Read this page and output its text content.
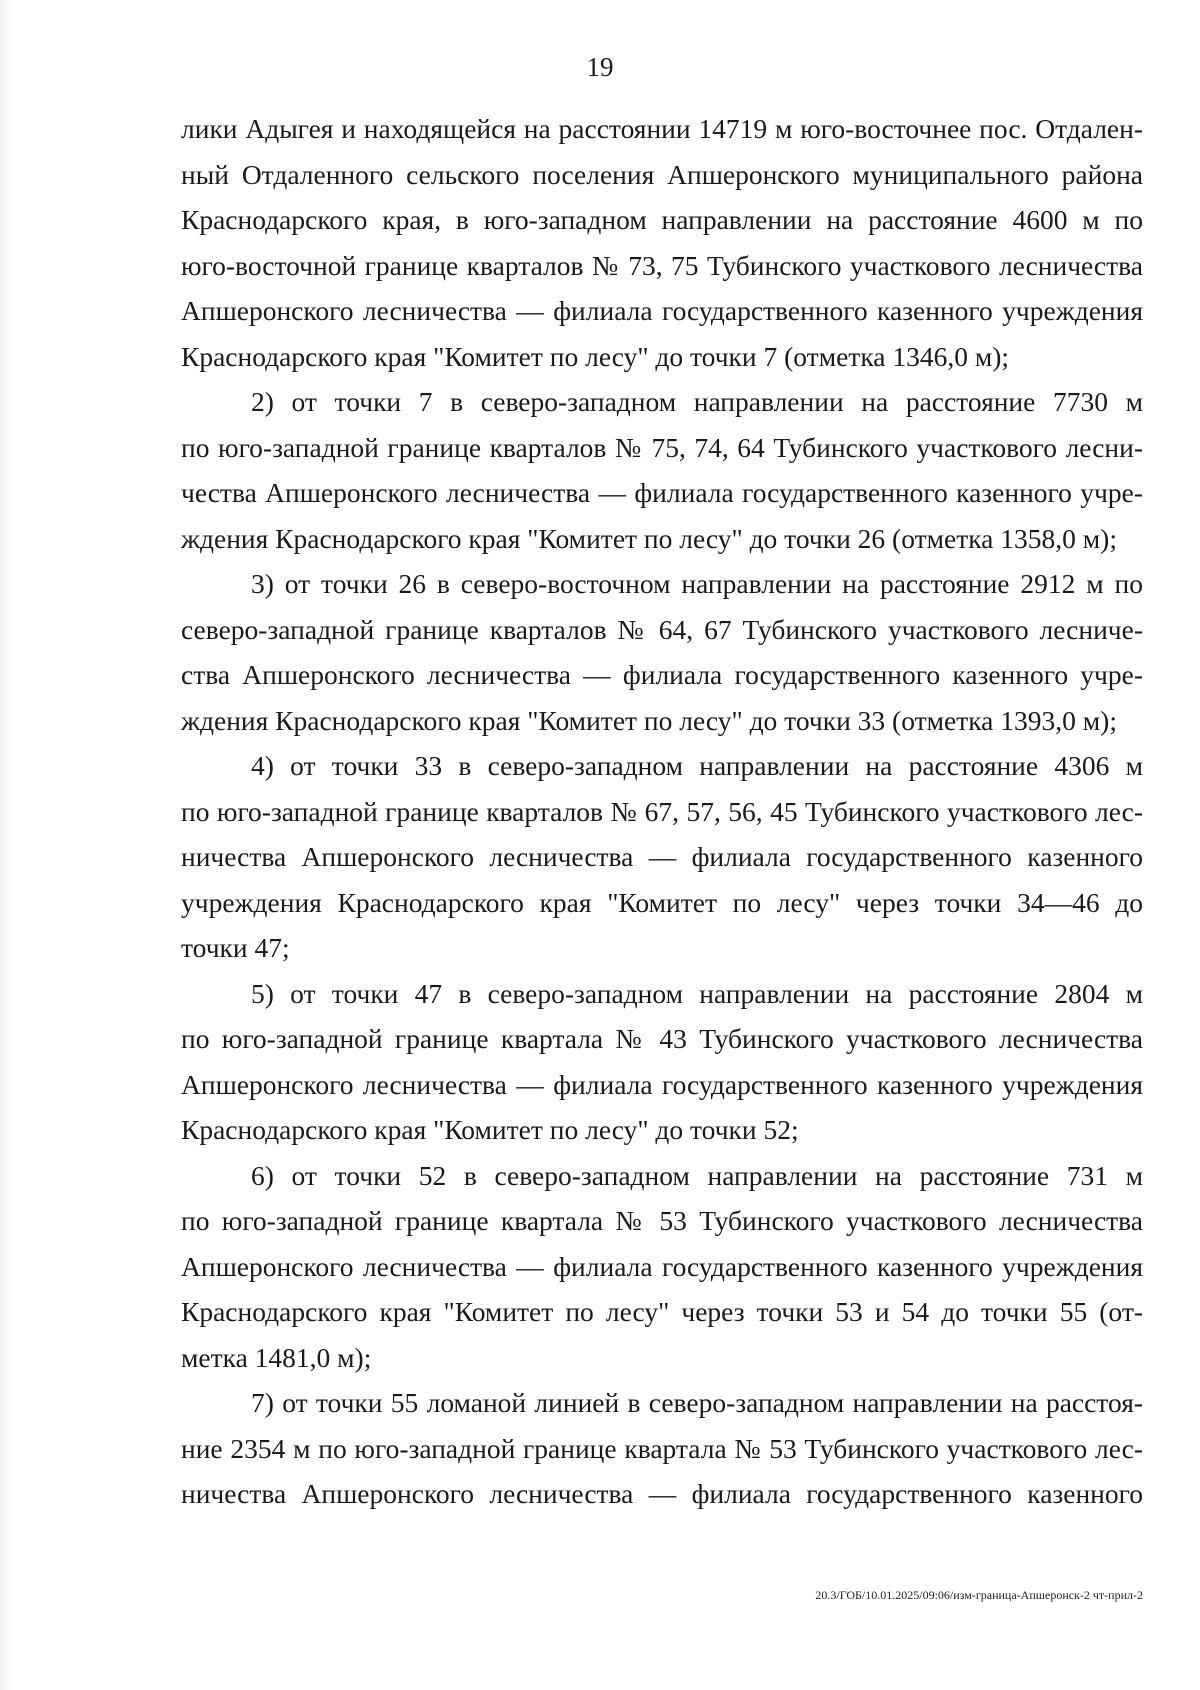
19
лики Адыгея и находящейся на расстоянии 14719 м юго-восточнее пос. Отдален-
ный Отдаленного сельского поселения Апшеронского муниципального района
Краснодарского края, в юго-западном направлении на расстояние 4600 м по
юго-восточной границе кварталов № 73, 75 Тубинского участкового лесничества
Апшеронского лесничества — филиала государственного казенного учреждения
Краснодарского края "Комитет по лесу" до точки 7 (отметка 1346,0 м);
2) от точки 7 в северо-западном направлении на расстояние 7730 м
по юго-западной границе кварталов № 75, 74, 64 Тубинского участкового лесни-
чества Апшеронского лесничества — филиала государственного казенного учре-
ждения Краснодарского края "Комитет по лесу" до точки 26 (отметка 1358,0 м);
3) от точки 26 в северо-восточном направлении на расстояние 2912 м по
северо-западной границе кварталов № 64, 67 Тубинского участкового лесниче-
ства Апшеронского лесничества — филиала государственного казенного учре-
ждения Краснодарского края "Комитет по лесу" до точки 33 (отметка 1393,0 м);
4) от точки 33 в северо-западном направлении на расстояние 4306 м
по юго-западной границе кварталов № 67, 57, 56, 45 Тубинского участкового лес-
ничества Апшеронского лесничества — филиала государственного казенного
учреждения Краснодарского края "Комитет по лесу" через точки 34—46 до
точки 47;
5) от точки 47 в северо-западном направлении на расстояние 2804 м
по юго-западной границе квартала № 43 Тубинского участкового лесничества
Апшеронского лесничества — филиала государственного казенного учреждения
Краснодарского края "Комитет по лесу" до точки 52;
6) от точки 52 в северо-западном направлении на расстояние 731 м
по юго-западной границе квартала № 53 Тубинского участкового лесничества
Апшеронского лесничества — филиала государственного казенного учреждения
Краснодарского края "Комитет по лесу" через точки 53 и 54 до точки 55 (от-
метка 1481,0 м);
7) от точки 55 ломаной линией в северо-западном направлении на расстоя-
ние 2354 м по юго-западной границе квартала № 53 Тубинского участкового лес-
ничества Апшеронского лесничества — филиала государственного казенного
20.3/ГОБ/10.01.2025/09:06/изм-граница-Апшеронск-2 чт-прил-2
